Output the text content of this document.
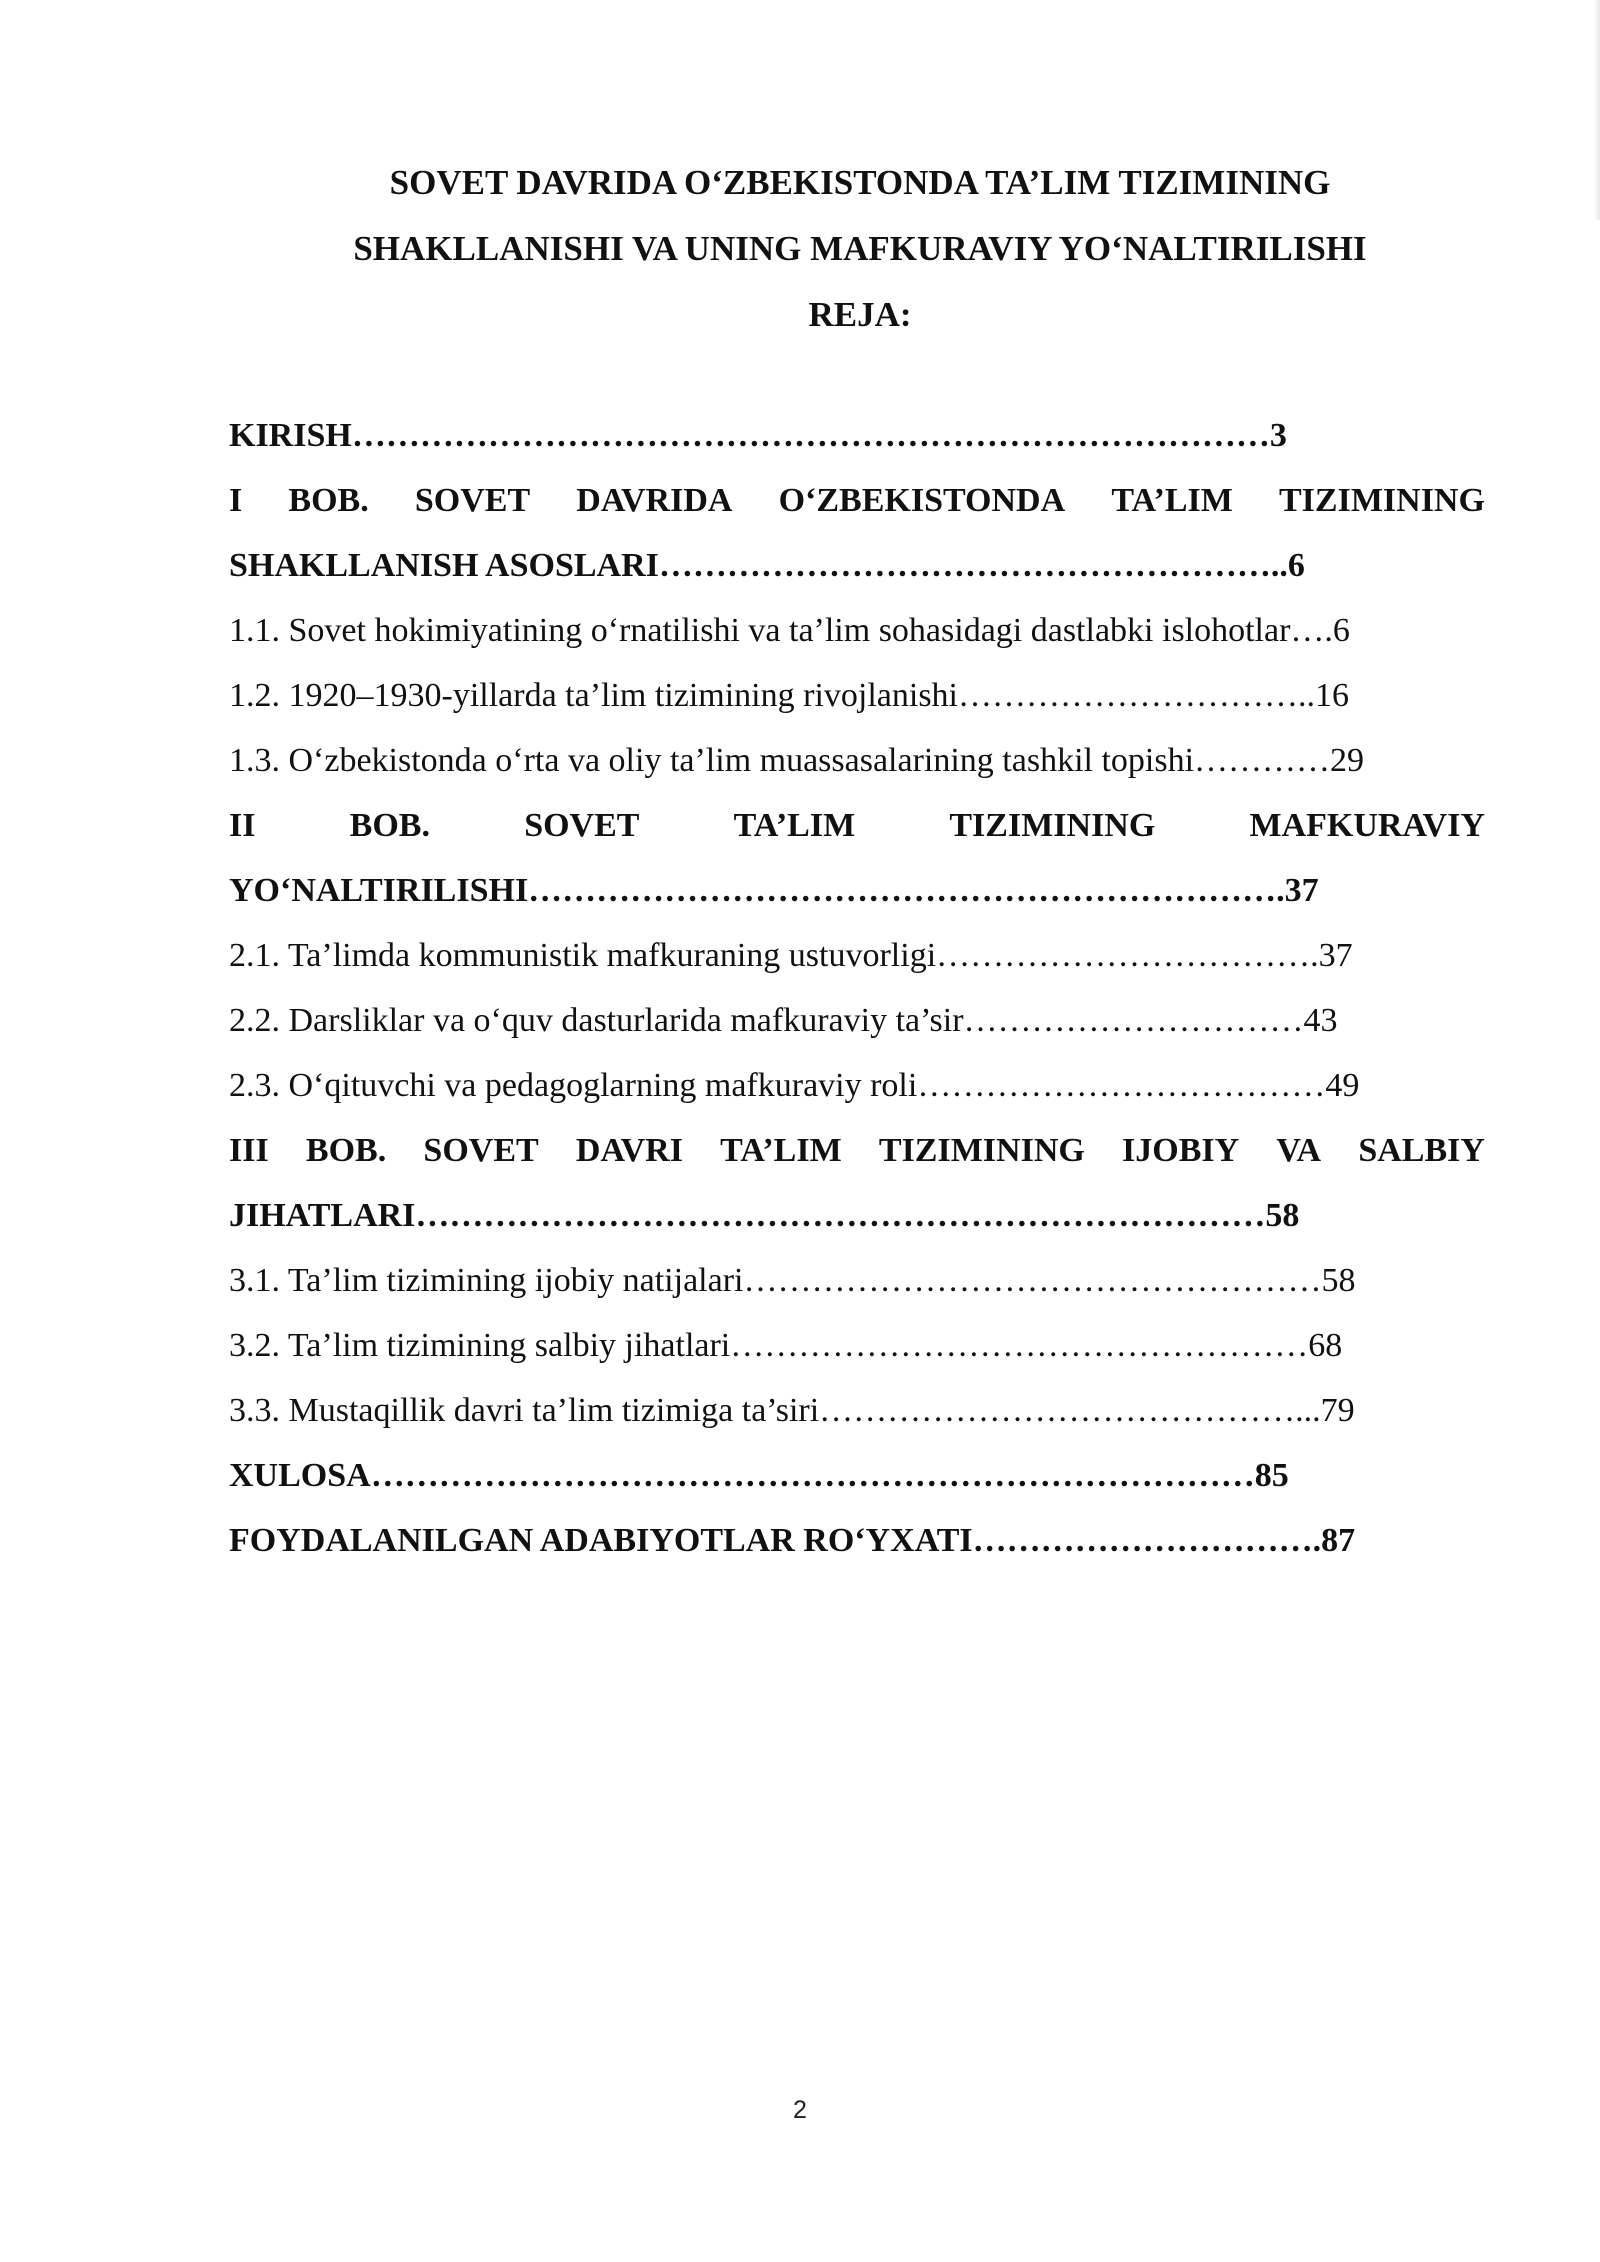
SOVET DAVRIDA O‘ZBEKISTONDA TA’LIM TIZIMINING
SHAKLLANISHI VA UNING MAFKURAVIY YO‘NALTIRILISHI
REJA:
KIRISH………………………………………………………………………3
I BOB. SOVET DAVRIDA O‘ZBEKISTONDA TA’LIM TIZIMINING
SHAKLLANISH ASOSLARI………………………………………………..6
1.1. Sovet hokimiyatining o‘rnatilishi va ta’lim sohasidagi dastlabki islohotlar….6
1.2. 1920–1930-yillarda ta’lim tizimining rivojlanishi…………………………..16
1.3. O‘zbekistonda o‘rta va oliy ta’lim muassasalarining tashkil topishi…………29
II	BOB.	SOVET	TA’LIM	TIZIMINING	MAFKURAVIY
YO‘NALTIRILISHI………………………………………………………….37
2.1. Ta’limda kommunistik mafkuraning ustuvorligi…………………………….37
2.2. Darsliklar va o‘quv dasturlarida mafkuraviy ta’sir…………………………43
2.3. O‘qituvchi va pedagoglarning mafkuraviy roli………………………………49
III BOB. SOVET DAVRI TA’LIM TIZIMINING IJOBIY VA SALBIY
JIHATLARI…………………………………………………………………58
3.1. Ta’lim tizimining ijobiy natijalari……………………………………………58
3.2. Ta’lim tizimining salbiy jihatlari……………………………………………68
3.3. Mustaqillik davri ta’lim tizimiga ta’siri……………………………………...79
XULOSA……………………………………………………………………85
FOYDALANILGAN ADABIYOTLAR RO‘YXATI………………………….87
2
